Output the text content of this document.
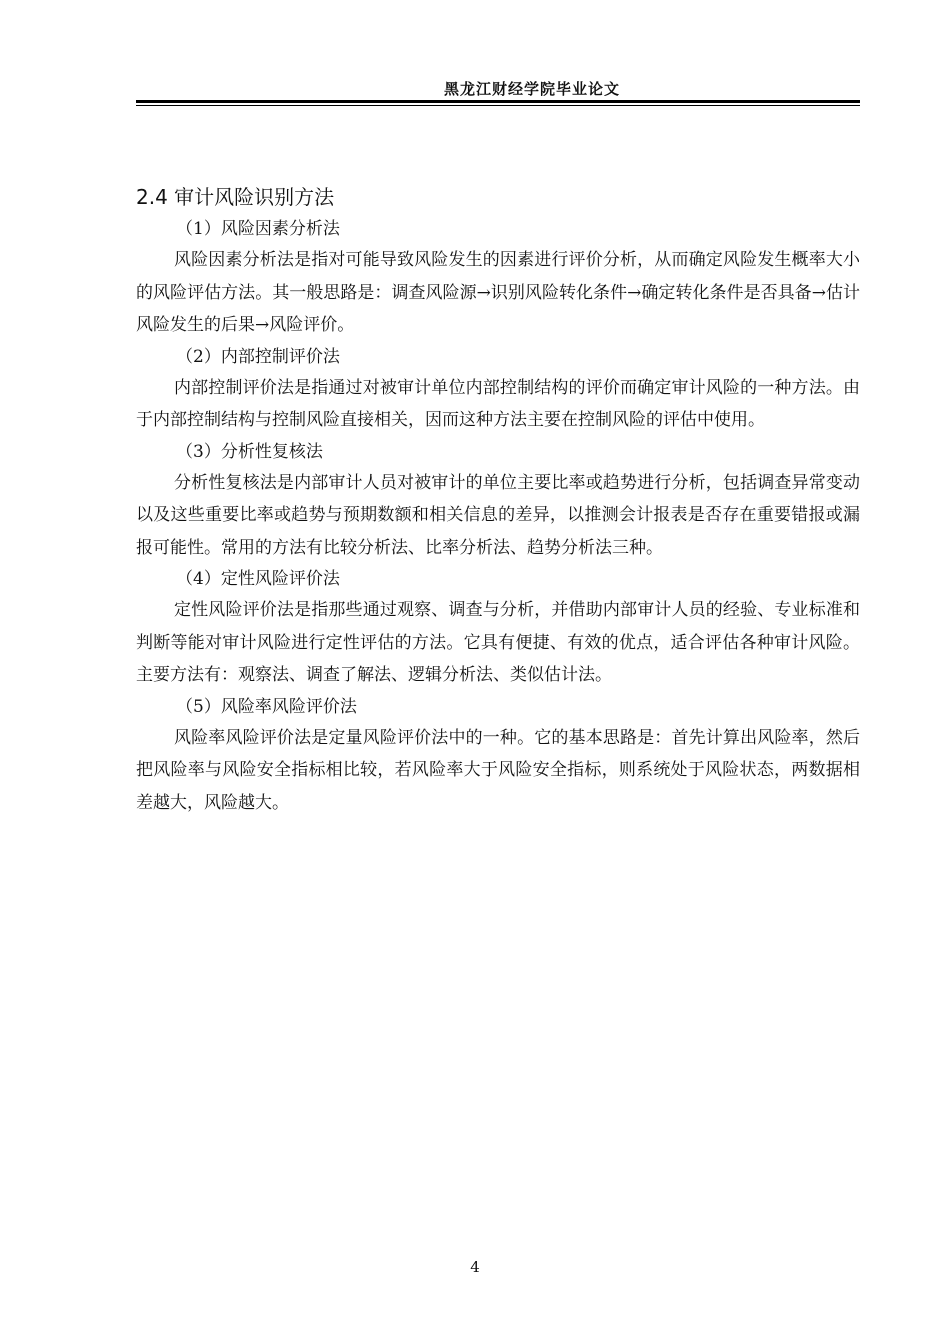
黑龙江财经学院毕业论文
2.4 审计风险识别方法
（1）风险因素分析法

风险因素分析法是指对可能导致风险发生的因素进行评价分析，从而确定风险发生概率大小的风险评估方法。其一般思路是：调查风险源→识别风险转化条件→确定转化条件是否具备→估计风险发生的后果→风险评价。

（2）内部控制评价法

内部控制评价法是指通过对被审计单位内部控制结构的评价而确定审计风险的一种方法。由于内部控制结构与控制风险直接相关，因而这种方法主要在控制风险的评估中使用。

（3）分析性复核法

分析性复核法是内部审计人员对被审计的单位主要比率或趋势进行分析，包括调查异常变动以及这些重要比率或趋势与预期数额和相关信息的差异，以推测会计报表是否存在重要错报或漏报可能性。常用的方法有比较分析法、比率分析法、趋势分析法三种。

（4）定性风险评价法

定性风险评价法是指那些通过观察、调查与分析，并借助内部审计人员的经验、专业标准和判断等能对审计风险进行定性评估的方法。它具有便捷、有效的优点，适合评估各种审计风险。主要方法有：观察法、调查了解法、逻辑分析法、类似估计法。

（5）风险率风险评价法

风险率风险评价法是定量风险评价法中的一种。它的基本思路是：首先计算出风险率，然后把风险率与风险安全指标相比较，若风险率大于风险安全指标，则系统处于风险状态，两数据相差越大，风险越大。

4
